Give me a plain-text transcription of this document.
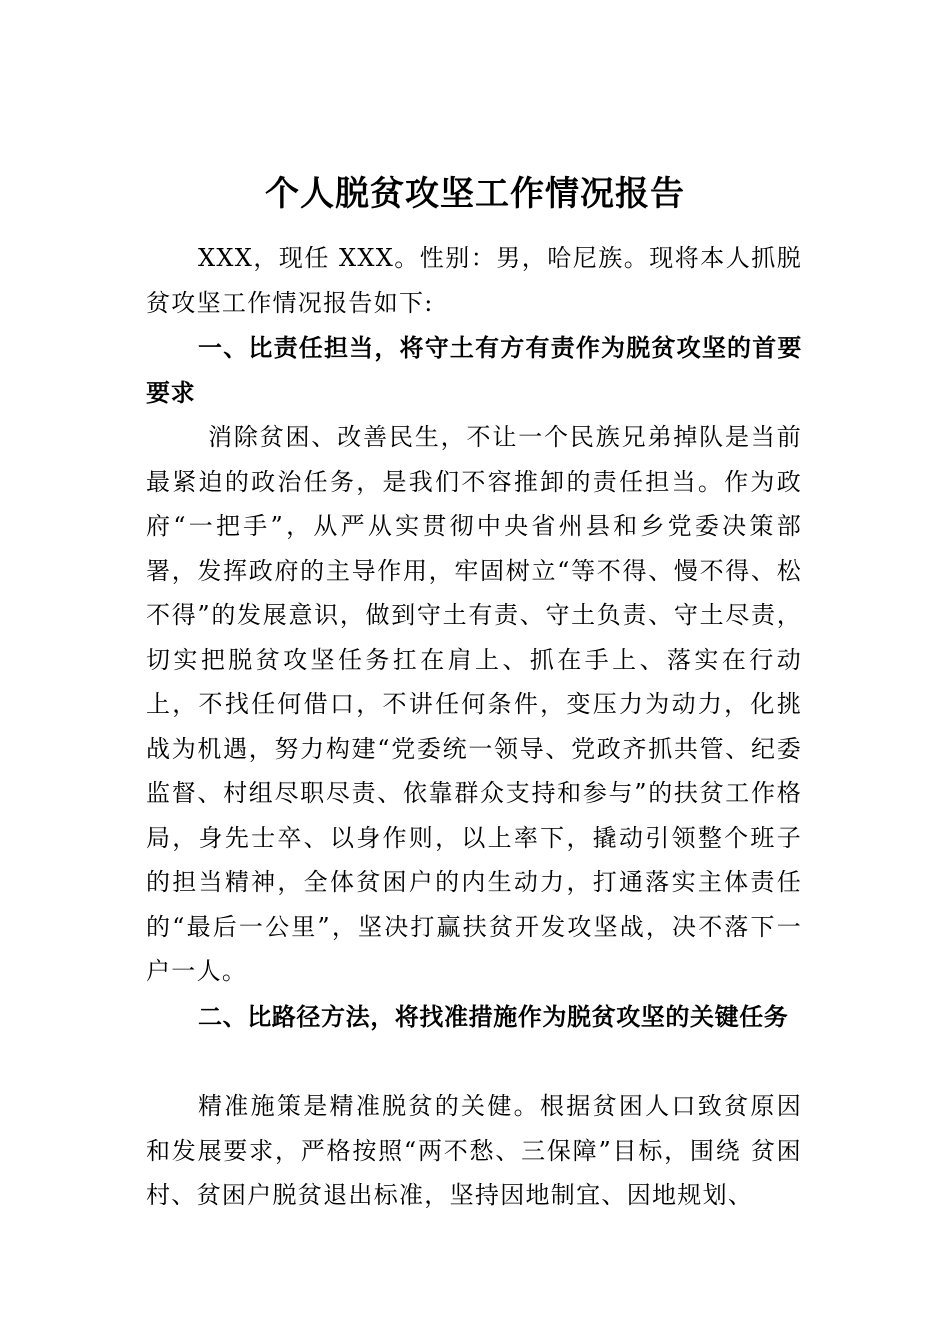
个人脱贫攻坚工作情况报告

XXX，现任 XXX。性别：男，哈尼族。现将本人抓脱贫攻坚工作情况报告如下:

一、比责任担当，将守土有方有责作为脱贫攻坚的首要要求

消除贫困、改善民生，不让一个民族兄弟掉队是当前最紧迫的政治任务，是我们不容推卸的责任担当。作为政府“一把手”，从严从实贯彻中央省州县和乡党委决策部署，发挥政府的主导作用，牢固树立“等不得、慢不得、松不得”的发展意识，做到守土有责、守土负责、守土尽责，切实把脱贫攻坚任务扛在肩上、抓在手上、落实在行动上，不找任何借口，不讲任何条件，变压力为动力，化挑战为机遇，努力构建“党委统一领导、党政齐抓共管、纪委监督、村组尽职尽责、依靠群众支持和参与”的扶贫工作格局，身先士卒、以身作则，以上率下，撬动引领整个班子的担当精神，全体贫困户的内生动力，打通落实主体责任的“最后一公里”，坚决打赢扶贫开发攻坚战，决不落下一户一人。

二、比路径方法，将找准措施作为脱贫攻坚的关键任务

精准施策是精准脱贫的关健。根据贫困人口致贫原因和发展要求，严格按照“两不愁、三保障”目标，围绕 贫困村、贫困户脱贫退出标准，坚持因地制宜、因地规划、
